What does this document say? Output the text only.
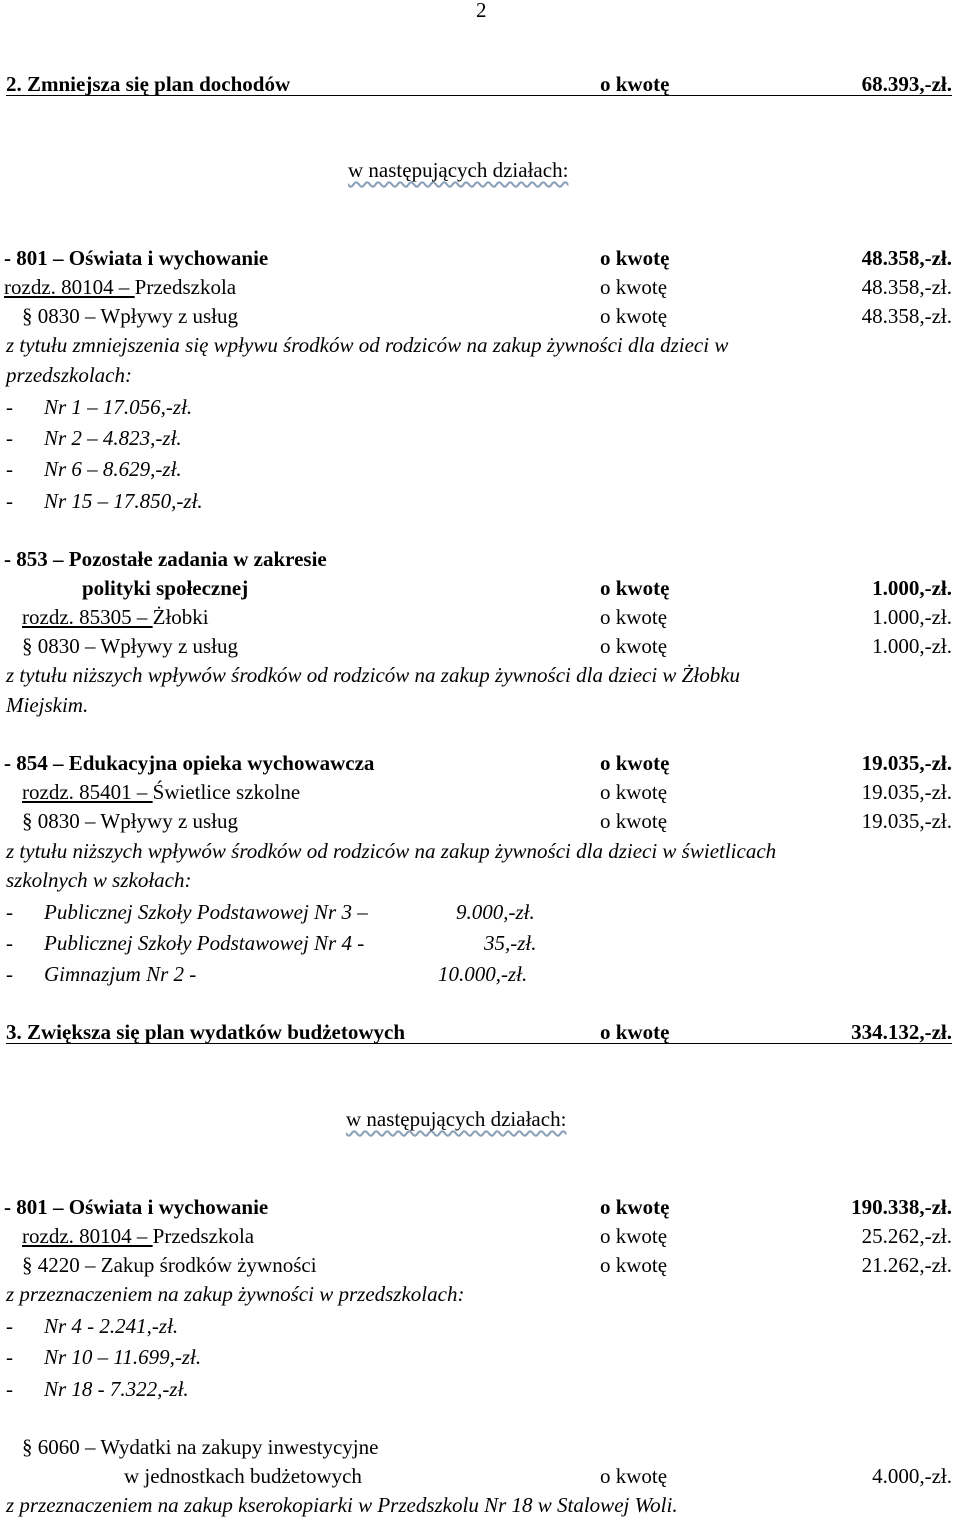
2
2. Zmniejsza się plan dochodów	o kwotę	68.393,-zł.
w następujących działach:
- 801 – Oświata i wychowanie	o kwotę	48.358,-zł.
rozdz. 80104 – Przedszkola	o kwotę	48.358,-zł.
§ 0830 – Wpływy z usług	o kwotę	48.358,-zł.
z tytułu zmniejszenia się wpływu środków od rodziców na zakup żywności dla dzieci w
przedszkolach:
- Nr 1 – 17.056,-zł.
- Nr 2 – 4.823,-zł.
- Nr 6 – 8.629,-zł.
- Nr 15 – 17.850,-zł.
- 853 – Pozostałe zadania w zakresie
polityki społecznej	o kwotę	1.000,-zł.
rozdz. 85305 – Żłobki	o kwotę	1.000,-zł.
§ 0830 – Wpływy z usług	o kwotę	1.000,-zł.
z tytułu niższych wpływów środków od rodziców na zakup żywności dla dzieci w Żłobku
Miejskim.
- 854 – Edukacyjna opieka wychowawcza	o kwotę	19.035,-zł.
rozdz. 85401 – Świetlice szkolne	o kwotę	19.035,-zł.
§ 0830 – Wpływy z usług	o kwotę	19.035,-zł.
z tytułu niższych wpływów środków od rodziców na zakup żywności dla dzieci w świetlicach
szkolnych w szkołach:
- Publicznej Szkoły Podstawowej Nr 3 –	9.000,-zł.
- Publicznej Szkoły Podstawowej Nr 4 -	35,-zł.
- Gimnazjum Nr 2 -	10.000,-zł.
3. Zwiększa się plan wydatków budżetowych	o kwotę	334.132,-zł.
w następujących działach:
- 801 – Oświata i wychowanie	o kwotę	190.338,-zł.
rozdz. 80104 – Przedszkola	o kwotę	25.262,-zł.
§ 4220 – Zakup środków żywności	o kwotę	21.262,-zł.
z przeznaczeniem na zakup żywności w przedszkolach:
- Nr 4 - 2.241,-zł.
- Nr 10 – 11.699,-zł.
- Nr 18 - 7.322,-zł.
§ 6060 – Wydatki na zakupy inwestycyjne
w jednostkach budżetowych	o kwotę	4.000,-zł.
z przeznaczeniem na zakup kserokopiarki w Przedszkolu Nr 18 w Stalowej Woli.
